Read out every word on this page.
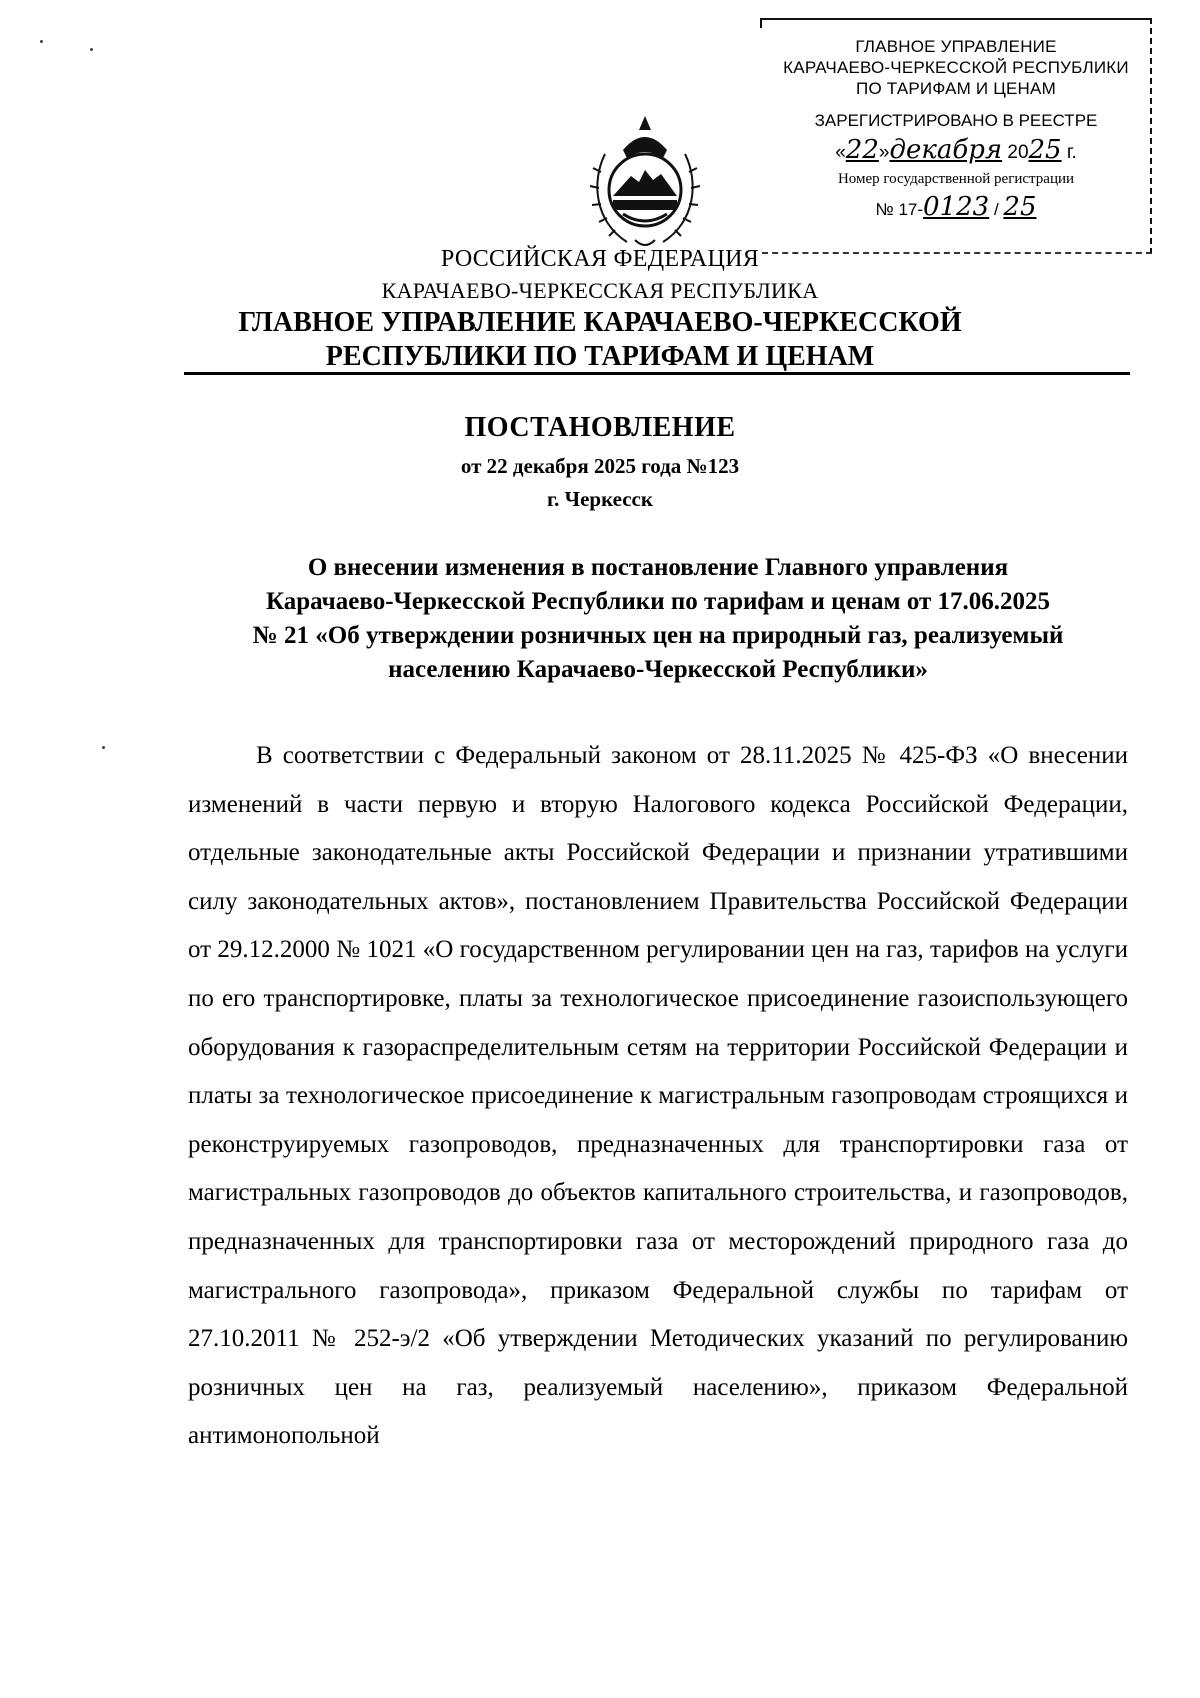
ГЛАВНОЕ УПРАВЛЕНИЕ
КАРАЧАЕВО-ЧЕРКЕССКОЙ РЕСПУБЛИКИ
ПО ТАРИФАМ И ЦЕНАМ
ЗАРЕГИСТРИРОВАНО В РЕЕСТРЕ
«22»декабря 2025 г.
Номер государственной регистрации
№ 17-0123 / 25
РОССИЙСКАЯ ФЕДЕРАЦИЯ
КАРАЧАЕВО-ЧЕРКЕССКАЯ РЕСПУБЛИКА
ГЛАВНОЕ УПРАВЛЕНИЕ КАРАЧАЕВО-ЧЕРКЕССКОЙ
РЕСПУБЛИКИ ПО ТАРИФАМ И ЦЕНАМ
ПОСТАНОВЛЕНИЕ
от 22 декабря 2025 года №123
г. Черкесск
О внесении изменения в постановление Главного управления
Карачаево-Черкесской Республики по тарифам и ценам от 17.06.2025
№ 21 «Об утверждении розничных цен на природный газ, реализуемый
населению Карачаево-Черкесской Республики»

В соответствии с Федеральный законом от 28.11.2025 № 425-ФЗ «О внесении изменений в части первую и вторую Налогового кодекса Российской Федерации, отдельные законодательные акты Российской Федерации и признании утратившими силу законодательных актов», постановлением Правительства Российской Федерации от 29.12.2000 № 1021 «О государственном регулировании цен на газ, тарифов на услуги по его транспортировке, платы за технологическое присоединение газоиспользующего оборудования к газораспределительным сетям на территории Российской Федерации и платы за технологическое присоединение к магистральным газопроводам строящихся и реконструируемых газопроводов, предназначенных для транспортировки газа от магистральных газопроводов до объектов капитального строительства, и газопроводов, предназначенных для транспортировки газа от месторождений природного газа до магистрального газопровода», приказом Федеральной службы по тарифам от 27.10.2011 № 252-э/2 «Об утверждении Методических указаний по регулированию розничных цен на газ, реализуемый населению», приказом Федеральной антимонопольной
